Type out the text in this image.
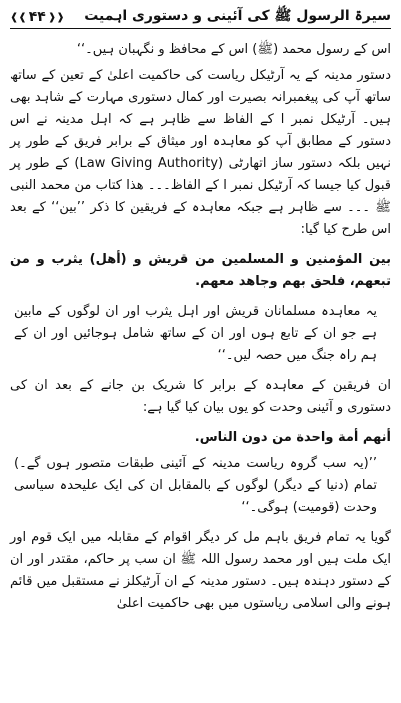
سیرۃ الرسول ﷺ کی آئینی و دستوری اہمیت
❰❰ ۴۴ ❱❱

اس کے رسول محمد (ﷺ) اس کے محافظ و نگہبان ہیں۔‘‘

دستور مدینہ کے یہ آرٹیکل ریاست کی حاکمیت اعلیٰ کے تعین کے ساتھ ساتھ آپ کی پیغمبرانہ بصیرت اور کمال دستوری مہارت کے شاہد بھی ہیں۔ آرٹیکل نمبر ا کے الفاظ سے ظاہر ہے کہ اہل مدینہ نے اس دستور کے مطابق آپ کو معاہدہ اور میثاق کے برابر فریق کے طور پر نہیں بلکہ دستور ساز اتھارٹی (Law Giving Authority) کے طور پر قبول کیا جیسا کہ آرٹیکل نمبر ا کے الفاظ۔۔۔ ھذا کتاب من محمد النبی ﷺ ۔۔۔ سے ظاہر ہے جبکہ معاہدہ کے فریقین کا ذکر ’’بین‘‘ کے بعد اس طرح کیا گیا:

بين المؤمنين و المسلمين من قريش و (أهل) يثرب و من تبعهم، فلحق بهم وجاهد معهم.

یہ معاہدہ مسلمانان قریش اور اہل یثرب اور ان لوگوں کے مابین ہے جو ان کے تابع ہوں اور ان کے ساتھ شامل ہوجائیں اور ان کے ہم راہ جنگ میں حصہ لیں۔‘‘

ان فریقین کے معاہدہ کے برابر کا شریک بن جانے کے بعد ان کی دستوری و آئینی وحدت کو یوں بیان کیا گیا ہے:

أنهم أمة واحدة من دون الناس.

’’(یہ سب گروہ ریاست مدینہ کے آئینی طبقات متصور ہوں گے۔) تمام (دنیا کے دیگر) لوگوں کے بالمقابل ان کی ایک علیحدہ سیاسی وحدت (قومیت) ہوگی۔‘‘

گویا یہ تمام فریق باہم مل کر دیگر اقوام کے مقابلہ میں ایک قوم اور ایک ملت ہیں اور محمد رسول اللہ ﷺ ان سب پر حاکم، مقتدر اور ان کے دستور دہندہ ہیں۔ دستور مدینہ کے ان آرٹیکلز نے مستقبل میں قائم ہونے والی اسلامی ریاستوں میں بھی حاکمیت اعلیٰ
